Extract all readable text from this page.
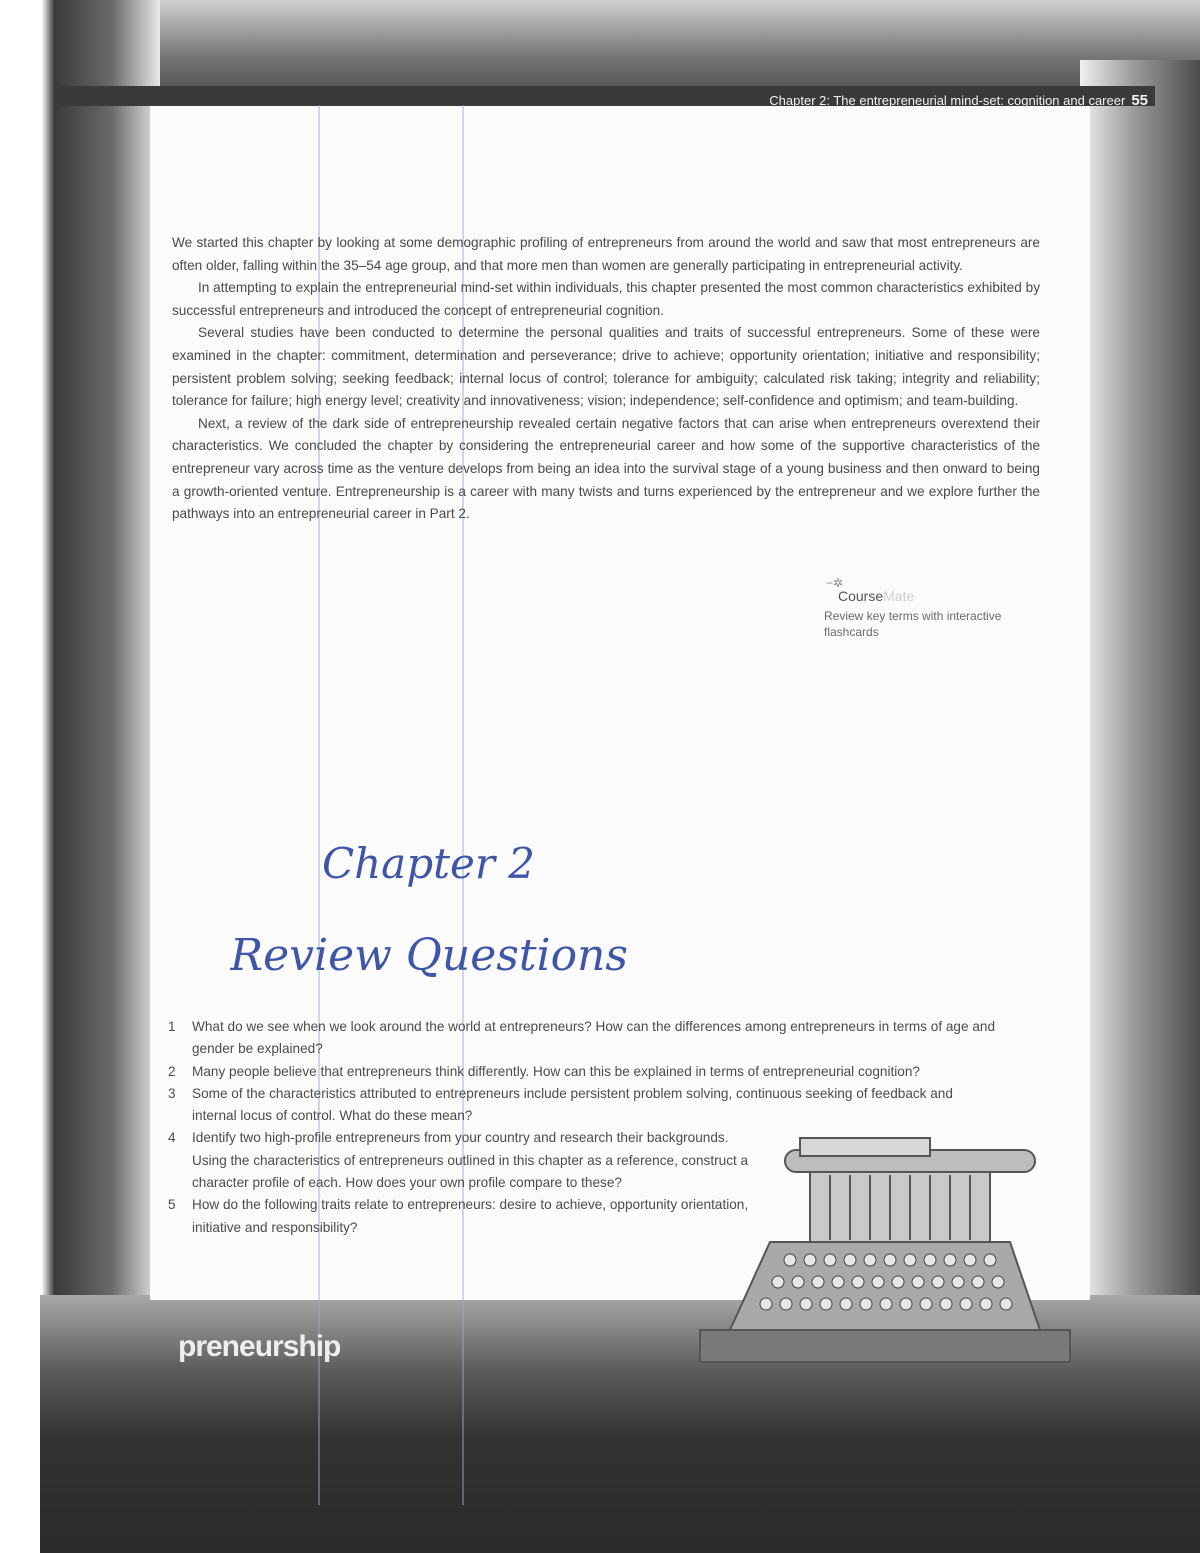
Chapter 2: The entrepreneurial mind-set: cognition and career 55

We started this chapter by looking at some demographic profiling of entrepreneurs from around the world and saw that most entrepreneurs are often older, falling within the 35–54 age group, and that more men than women are generally participating in entrepreneurial activity.

In attempting to explain the entrepreneurial mind-set within individuals, this chapter presented the most common characteristics exhibited by successful entrepreneurs and introduced the concept of entrepreneurial cognition.

Several studies have been conducted to determine the personal qualities and traits of successful entrepreneurs. Some of these were examined in the chapter: commitment, determination and perseverance; drive to achieve; opportunity orientation; initiative and responsibility; persistent problem solving; seeking feedback; internal locus of control; tolerance for ambiguity; calculated risk taking; integrity and reliability; tolerance for failure; high energy level; creativity and innovativeness; vision; independence; self-confidence and optimism; and team-building.

Next, a review of the dark side of entrepreneurship revealed certain negative factors that can arise when entrepreneurs overextend their characteristics. We concluded the chapter by considering the entrepreneurial career and how some of the supportive characteristics of the entrepreneur vary across time as the venture develops from being an idea into the survival stage of a young business and then onward to being a growth-oriented venture. Entrepreneurship is a career with many twists and turns experienced by the entrepreneur and we explore further the pathways into an entrepreneurial career in Part 2.

−✲
CourseMate
Review key terms with interactive flashcards
Chapter 2
Review Questions
1 What do we see when we look around the world at entrepreneurs? How can the differences among entrepreneurs in terms of age and gender be explained?
2 Many people believe that entrepreneurs think differently. How can this be explained in terms of entrepreneurial cognition?
3 Some of the characteristics attributed to entrepreneurs include persistent problem solving, continuous seeking of feedback and internal locus of control. What do these mean?
4 Identify two high-profile entrepreneurs from your country and research their backgrounds. Using the characteristics of entrepreneurs outlined in this chapter as a reference, construct a character profile of each. How does your own profile compare to these?
5 How do the following traits relate to entrepreneurs: desire to achieve, opportunity orientation, initiative and responsibility?
preneurship
